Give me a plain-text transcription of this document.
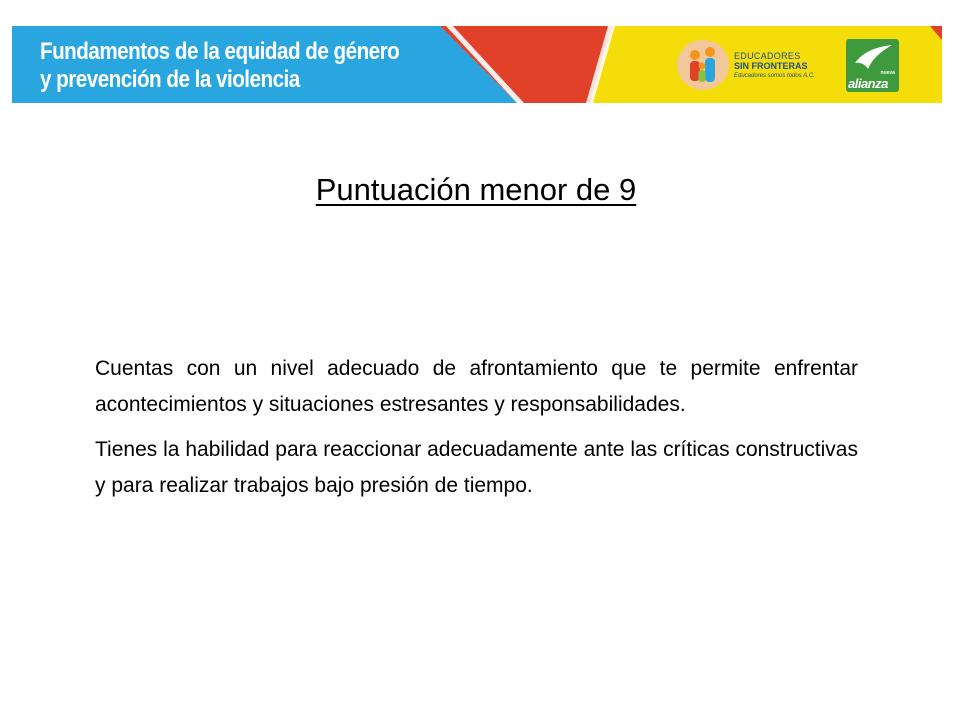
Fundamentos de la equidad de género
y prevención de la violencia
EDUCADORES
SIN FRONTERAS
Educadores somos todos A.C.	nueva
alianza
Puntuación menor de 9

Cuentas con un nivel adecuado de afrontamiento que te permite enfrentar acontecimientos y situaciones estresantes y responsabilidades.

Tienes la habilidad para reaccionar adecuadamente ante las críticas constructivas y para realizar trabajos bajo presión de tiempo.
